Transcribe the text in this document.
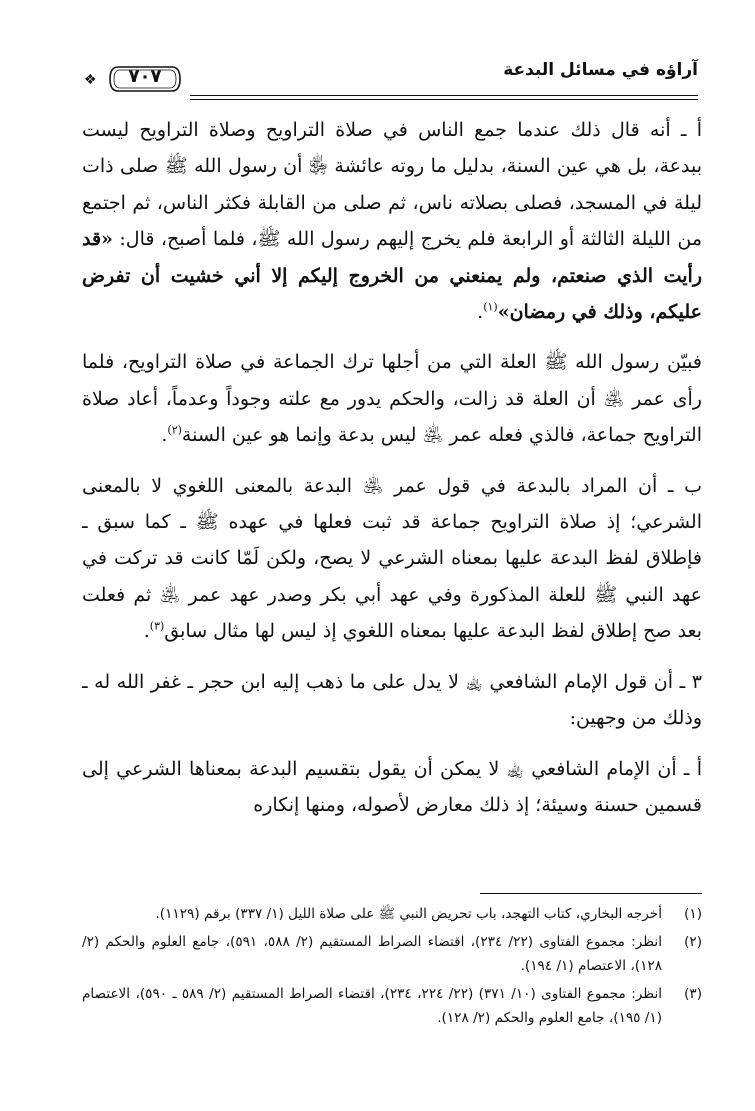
آراؤه في مسائل البدعة
٧٠٧
❖

أ ـ أنه قال ذلك عندما جمع الناس في صلاة التراويح وصلاة التراويح ليست ببدعة، بل هي عين السنة، بدليل ما روته عائشة ﵂ أن رسول الله ﷺ صلى ذات ليلة في المسجد، فصلى بصلاته ناس، ثم صلى من القابلة فكثر الناس، ثم اجتمع من الليلة الثالثة أو الرابعة فلم يخرج إليهم رسول الله ﷺ، فلما أصبح، قال: «قد رأيت الذي صنعتم، ولم يمنعني من الخروج إليكم إلا أني خشيت أن تفرض عليكم، وذلك في رمضان»$^{(١)}$.

فبيّن رسول الله ﷺ العلة التي من أجلها ترك الجماعة في صلاة التراويح، فلما رأى عمر ﵁ أن العلة قد زالت، والحكم يدور مع علته وجوداً وعدماً، أعاد صلاة التراويح جماعة، فالذي فعله عمر ﵁ ليس بدعة وإنما هو عين السنة$^{(٢)}$.

ب ـ أن المراد بالبدعة في قول عمر ﵁ البدعة بالمعنى اللغوي لا بالمعنى الشرعي؛ إذ صلاة التراويح جماعة قد ثبت فعلها في عهده ﷺ ـ كما سبق ـ فإطلاق لفظ البدعة عليها بمعناه الشرعي لا يصح، ولكن لَمّا كانت قد تركت في عهد النبي ﷺ للعلة المذكورة وفي عهد أبي بكر وصدر عهد عمر ﵁ ثم فعلت بعد صح إطلاق لفظ البدعة عليها بمعناه اللغوي إذ ليس لها مثال سابق$^{(٣)}$.

٣ ـ أن قول الإمام الشافعي ﵀ لا يدل على ما ذهب إليه ابن حجر ـ غفر الله له ـ وذلك من وجهين:

أ ـ أن الإمام الشافعي ﵀ لا يمكن أن يقول بتقسيم البدعة بمعناها الشرعي إلى قسمين حسنة وسيئة؛ إذ ذلك معارض لأصوله، ومنها إنكاره

(١)
أخرجه البخاري، كتاب التهجد، باب تحريض النبي ﷺ على صلاة الليل (١/ ٣٣٧) برقم (١١٢٩).
(٢)
انظر: مجموع الفتاوى (٢٢/ ٢٣٤)، اقتضاء الصراط المستقيم (٢/ ٥٨٨، ٥٩١)، جامع العلوم والحكم (٢/ ١٢٨)، الاعتصام (١/ ١٩٤).
(٣)
انظر: مجموع الفتاوى (١٠/ ٣٧١) (٢٢/ ٢٢٤، ٢٣٤)، اقتضاء الصراط المستقيم (٢/ ٥٨٩ ـ ٥٩٠)، الاعتصام (١/ ١٩٥)، جامع العلوم والحكم (٢/ ١٢٨).
